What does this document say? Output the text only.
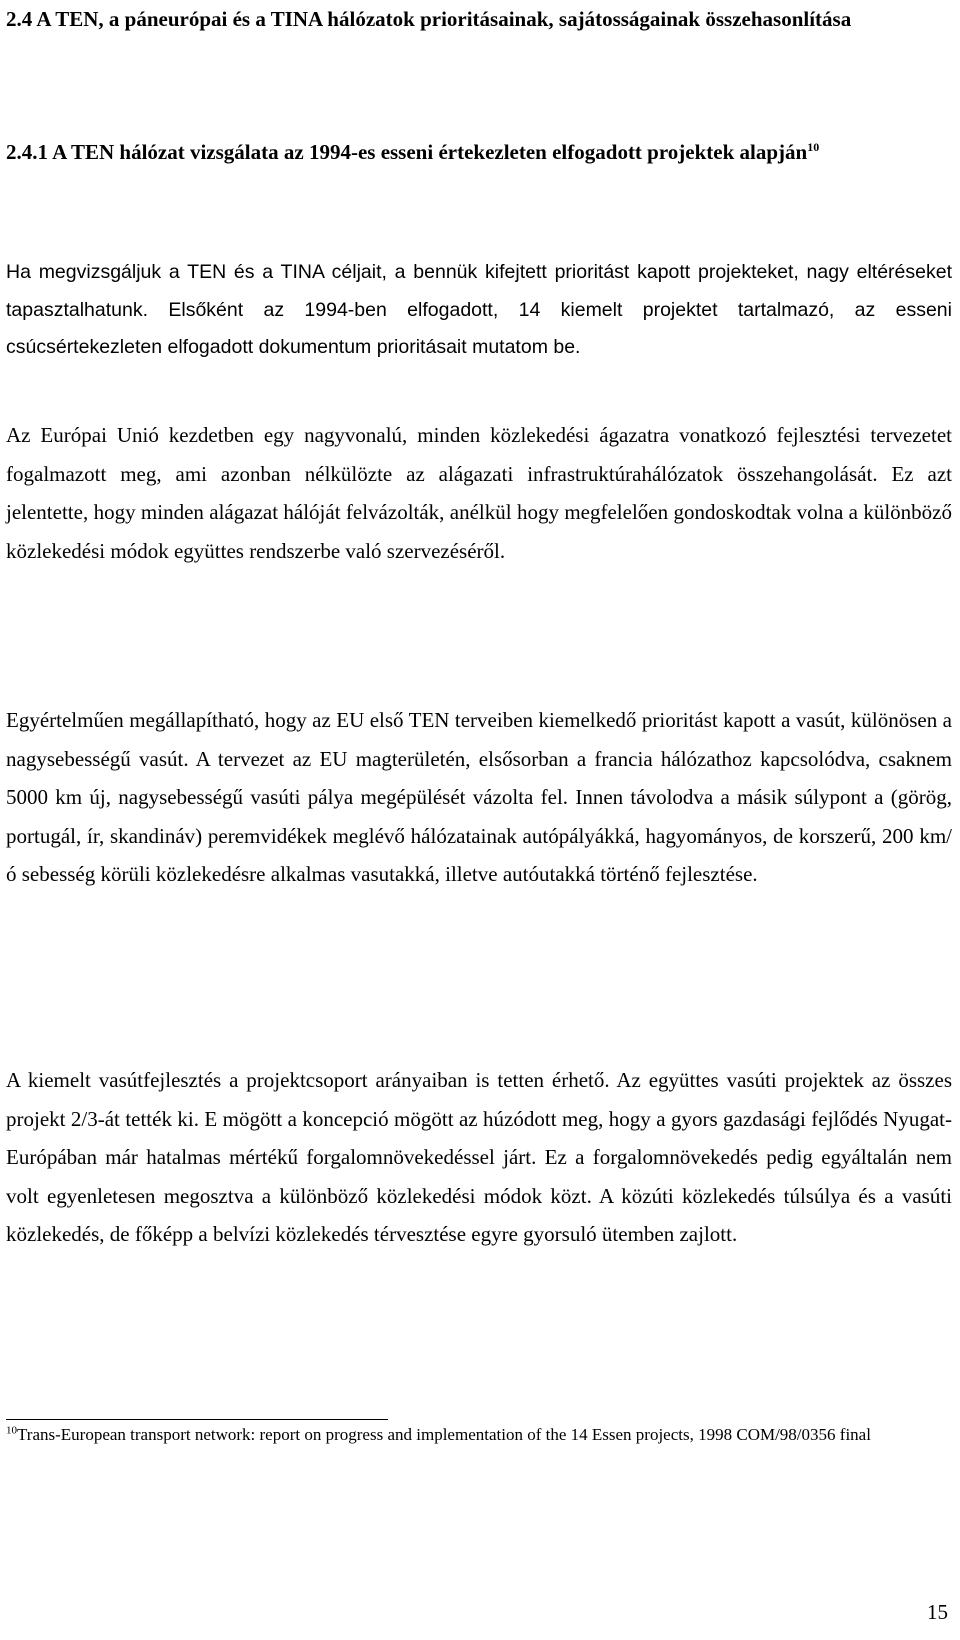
2.4 A TEN, a páneurópai és a TINA hálózatok prioritásainak, sajátosságainak összehasonlítása
2.4.1 A TEN hálózat vizsgálata az 1994-es esseni értekezleten elfogadott projektek alapján$^{10}$

Ha megvizsgáljuk a TEN és a TINA céljait, a bennük kifejtett prioritást kapott projekteket, nagy eltéréseket tapasztalhatunk. Elsőként az 1994-ben elfogadott, 14 kiemelt projektet tartalmazó, az esseni csúcsértekezleten elfogadott dokumentum prioritásait mutatom be.

Az Európai Unió kezdetben egy nagyvonalú, minden közlekedési ágazatra vonatkozó fejlesztési tervezetet fogalmazott meg, ami azonban nélkülözte az alágazati infrastruktúrahálózatok összehangolását. Ez azt jelentette, hogy minden alágazat hálóját felvázolták, anélkül hogy megfelelően gondoskodtak volna a különböző közlekedési módok együttes rendszerbe való szervezéséről.

Egyértelműen megállapítható, hogy az EU első TEN terveiben kiemelkedő prioritást kapott a vasút, különösen a nagysebességű vasút. A tervezet az EU magterületén, elsősorban a francia hálózathoz kapcsolódva, csaknem 5000 km új, nagysebességű vasúti pálya megépülését vázolta fel. Innen távolodva a másik súlypont a (görög, portugál, ír, skandináv) peremvidékek meglévő hálózatainak autópályákká, hagyományos, de korszerű, 200 km/ó sebesség körüli közlekedésre alkalmas vasutakká, illetve autóutakká történő fejlesztése.

A kiemelt vasútfejlesztés a projektcsoport arányaiban is tetten érhető. Az együttes vasúti projektek az összes projekt 2/3-át tették ki. E mögött a koncepció mögött az húzódott meg, hogy a gyors gazdasági fejlődés Nyugat-Európában már hatalmas mértékű forgalomnövekedéssel járt. Ez a forgalomnövekedés pedig egyáltalán nem volt egyenletesen megosztva a különböző közlekedési módok közt. A közúti közlekedés túlsúlya és a vasúti közlekedés, de főképp a belvízi közlekedés térvesztése egyre gyorsuló ütemben zajlott.

$^{10}$Trans-European transport network: report on progress and implementation of the 14 Essen projects, 1998 COM/98/0356 final

15
